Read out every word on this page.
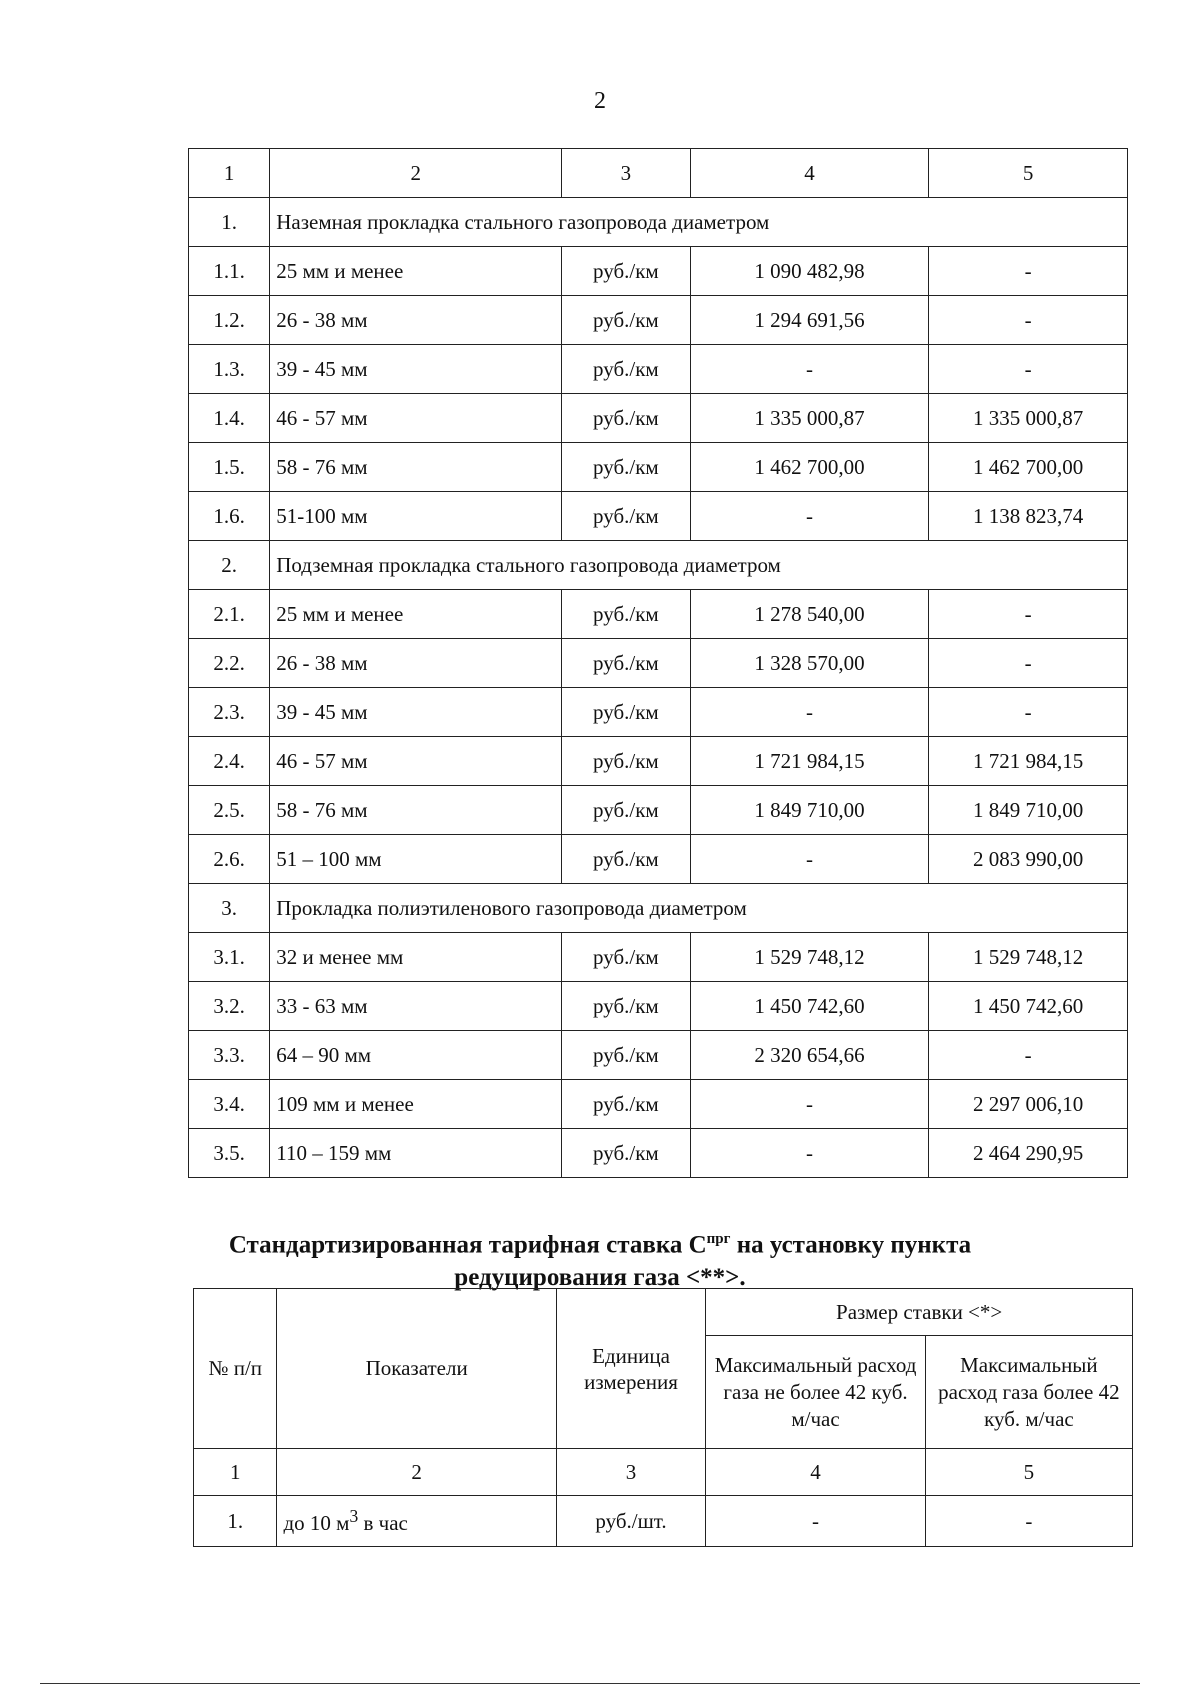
2
1	2	3	4	5
1.	Наземная прокладка стального газопровода диаметром			
1.1.	25 мм и менее	руб./км	1 090 482,98	-
1.2.	26 - 38 мм	руб./км	1 294 691,56	-
1.3.	39 - 45 мм	руб./км	-	-
1.4.	46 - 57 мм	руб./км	1 335 000,87	1 335 000,87
1.5.	58 - 76 мм	руб./км	1 462 700,00	1 462 700,00
1.6.	51-100 мм	руб./км	-	1 138 823,74
2.	Подземная прокладка стального газопровода диаметром			
2.1.	25 мм и менее	руб./км	1 278 540,00	-
2.2.	26 - 38 мм	руб./км	1 328 570,00	-
2.3.	39 - 45 мм	руб./км	-	-
2.4.	46 - 57 мм	руб./км	1 721 984,15	1 721 984,15
2.5.	58 - 76 мм	руб./км	1 849 710,00	1 849 710,00
2.6.	51 – 100 мм	руб./км	-	2 083 990,00
3.	Прокладка полиэтиленового газопровода диаметром			
3.1.	32 и менее мм	руб./км	1 529 748,12	1 529 748,12
3.2.	33 - 63 мм	руб./км	1 450 742,60	1 450 742,60
3.3.	64 – 90 мм	руб./км	2 320 654,66	-
3.4.	109 мм и менее	руб./км	-	2 297 006,10
3.5.	110 – 159 мм	руб./км	-	2 464 290,95
Стандартизированная тарифная ставка $С^{прг}$ на установку пункта
редуцирования газа <**>.
№ п/п	Показатели	Единица измерения	Размер ставки <*>	
			Максимальный расход газа не более 42 куб. м/час	Максимальный расход газа более 42 куб. м/час
1	2	3	4	5
1.	до 10 $м^3$ в час	руб./шт.	-	-
